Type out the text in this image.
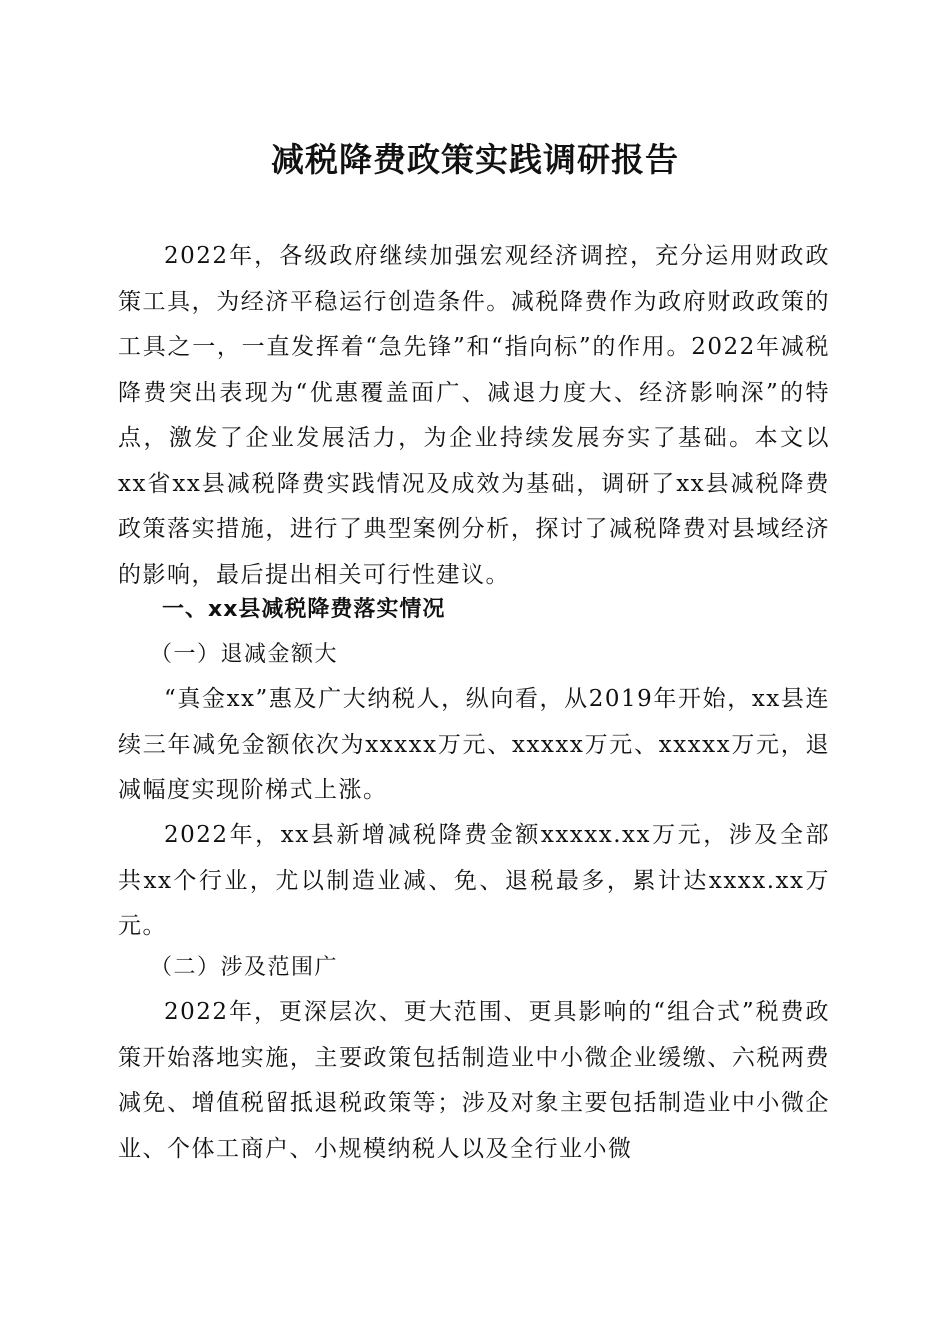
减税降费政策实践调研报告

2022年，各级政府继续加强宏观经济调控，充分运用财政政策工具，为经济平稳运行创造条件。减税降费作为政府财政政策的工具之一，一直发挥着“急先锋”和“指向标”的作用。2022年减税降费突出表现为“优惠覆盖面广、减退力度大、经济影响深”的特点，激发了企业发展活力，为企业持续发展夯实了基础。本文以xx省xx县减税降费实践情况及成效为基础，调研了xx县减税降费政策落实措施，进行了典型案例分析，探讨了减税降费对县域经济的影响，最后提出相关可行性建议。

一、xx县减税降费落实情况
（一）退减金额大

“真金xx”惠及广大纳税人，纵向看，从2019年开始，xx县连续三年减免金额依次为xxxxx万元、xxxxx万元、xxxxx万元，退减幅度实现阶梯式上涨。

2022年，xx县新增减税降费金额xxxxx.xx万元，涉及全部共xx个行业，尤以制造业减、免、退税最多，累计达xxxx.xx万元。

（二）涉及范围广

2022年，更深层次、更大范围、更具影响的“组合式”税费政策开始落地实施，主要政策包括制造业中小微企业缓缴、六税两费减免、增值税留抵退税政策等；涉及对象主要包括制造业中小微企业、个体工商户、小规模纳税人以及全行业小微
